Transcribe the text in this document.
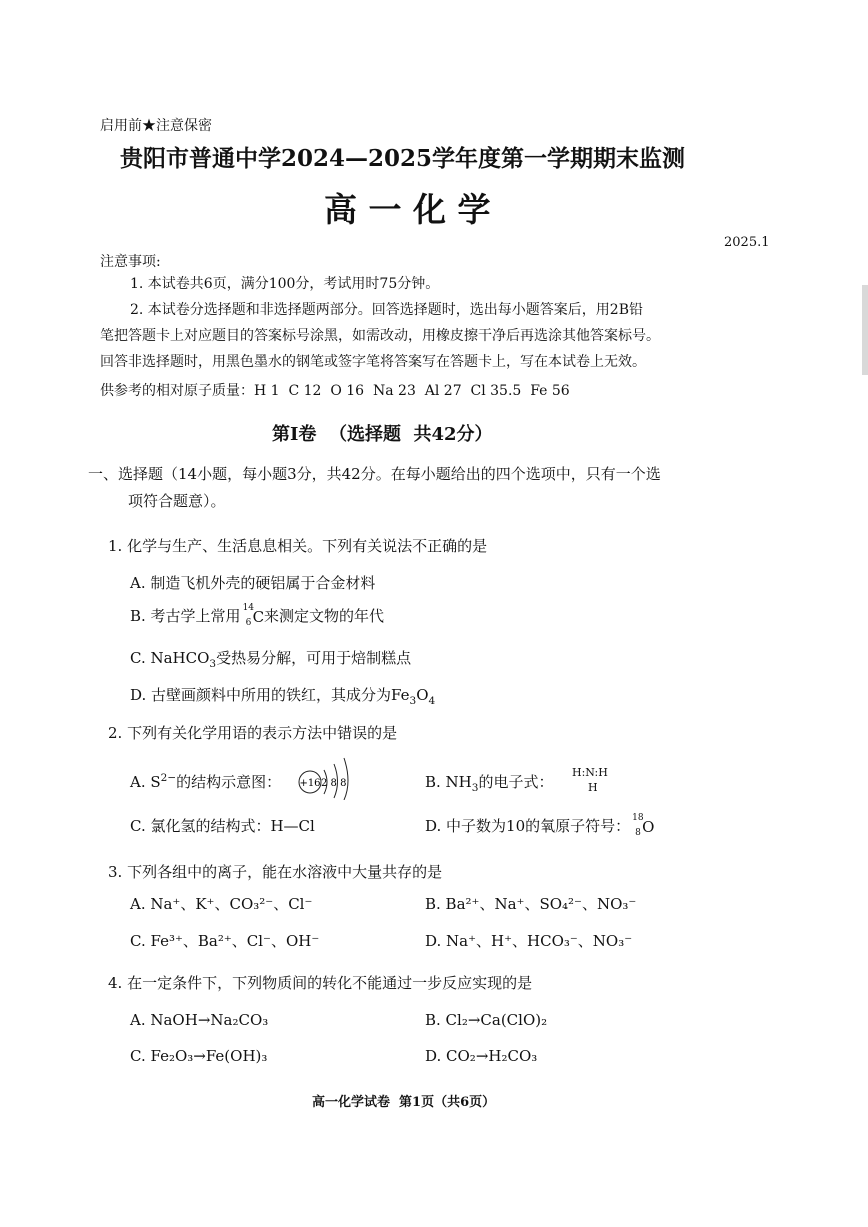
启用前★注意保密
贵阳市普通中学2024—2025学年度第一学期期末监测
高 一 化 学
2025.1
注意事项:
1. 本试卷共6页，满分100分，考试用时75分钟。
2. 本试卷分选择题和非选择题两部分。回答选择题时，选出每小题答案后，用2B铅
笔把答题卡上对应题目的答案标号涂黑，如需改动，用橡皮擦干净后再选涂其他答案标号。
回答非选择题时，用黑色墨水的钢笔或签字笔将答案写在答题卡上，写在本试卷上无效。
供参考的相对原子质量：H 1  C 12  O 16  Na 23  Al 27  Cl 35.5  Fe 56
第Ⅰ卷  （选择题  共42分）
一、选择题（14小题，每小题3分，共42分。在每小题给出的四个选项中，只有一个选
项符合题意）。
1. 化学与生产、生活息息相关。下列有关说法不正确的是
A. 制造飞机外壳的硬铝属于合金材料
B. 考古学上常用 14
6 C来测定文物的年代
C. NaHCO$_3$受热易分解，可用于焙制糕点
D. 古壁画颜料中所用的铁红，其成分为$Fe_3O_4$
2. 下列有关化学用语的表示方法中错误的是
A. $S^{2-}$的结构示意图： +16 2 8 8	B. $NH_3$的电子式：
H:N:H
H
C. 氯化氢的结构式：H—Cl	D. 中子数为10的氧原子符号： 18
8 O
3. 下列各组中的离子，能在水溶液中大量共存的是
A. Na⁺、K⁺、CO₃²⁻、Cl⁻	B. Ba²⁺、Na⁺、SO₄²⁻、NO₃⁻
C. Fe³⁺、Ba²⁺、Cl⁻、OH⁻	D. Na⁺、H⁺、HCO₃⁻、NO₃⁻
4. 在一定条件下，下列物质间的转化不能通过一步反应实现的是
A. NaOH→Na₂CO₃	B. Cl₂→Ca(ClO)₂
C. Fe₂O₃→Fe(OH)₃	D. CO₂→H₂CO₃
高一化学试卷  第1页（共6页）
